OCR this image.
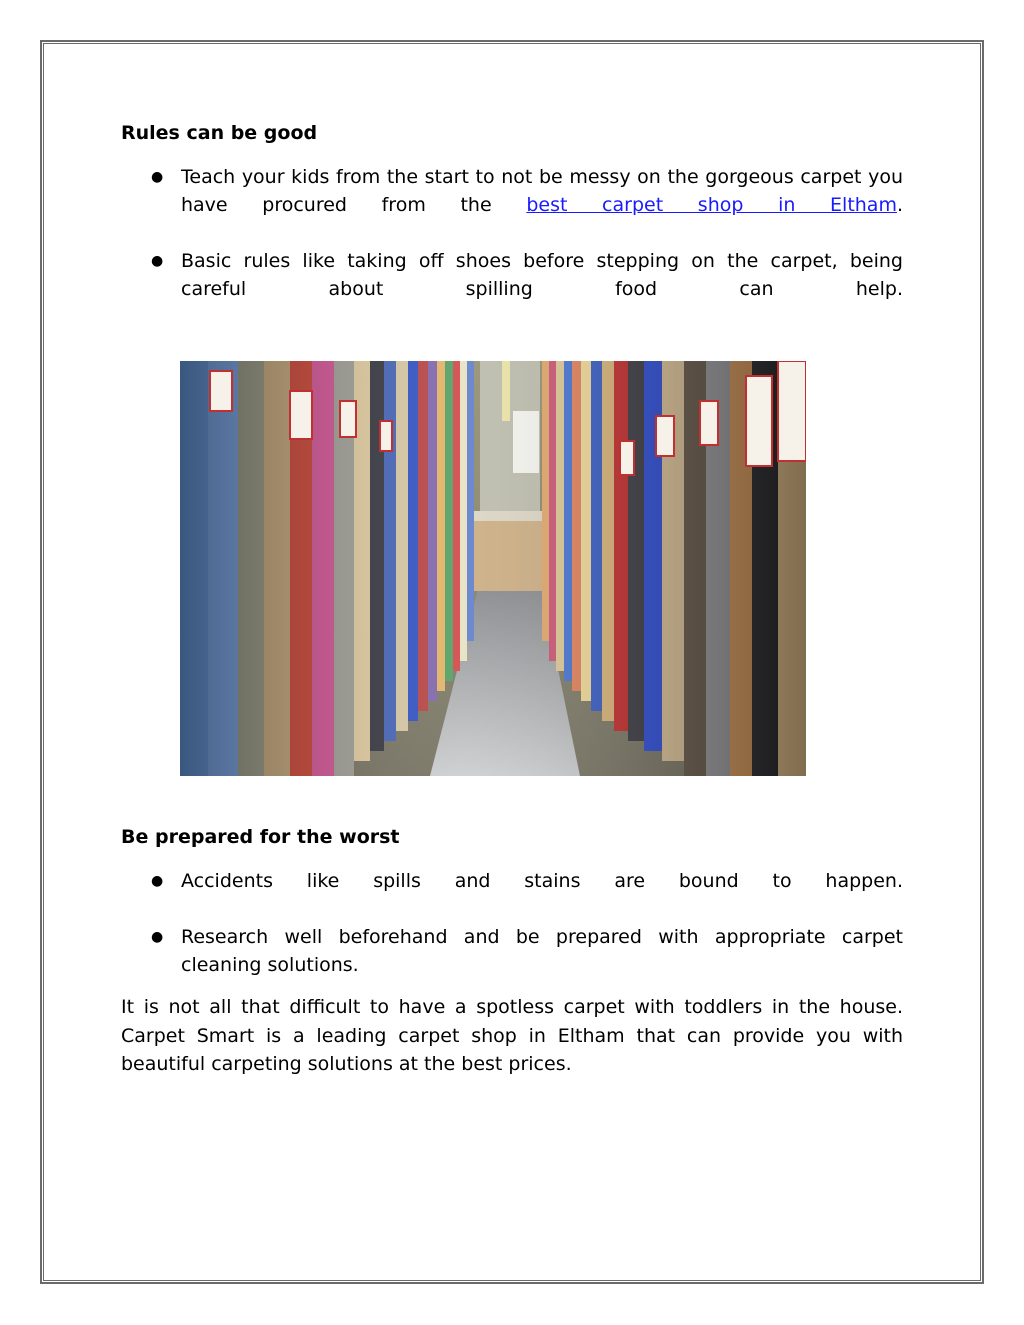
Rules can be good
● Teach your kids from the start to not be messy on the gorgeous carpet you have procured from the best carpet shop in Eltham.
● Basic rules like taking off shoes before stepping on the carpet, being careful about spilling food can help.
Be prepared for the worst
● Accidents like spills and stains are bound to happen.
● Research well beforehand and be prepared with appropriate carpet cleaning solutions.

It is not all that difficult to have a spotless carpet with toddlers in the house. Carpet Smart is a leading carpet shop in Eltham that can provide you with beautiful carpeting solutions at the best prices.
